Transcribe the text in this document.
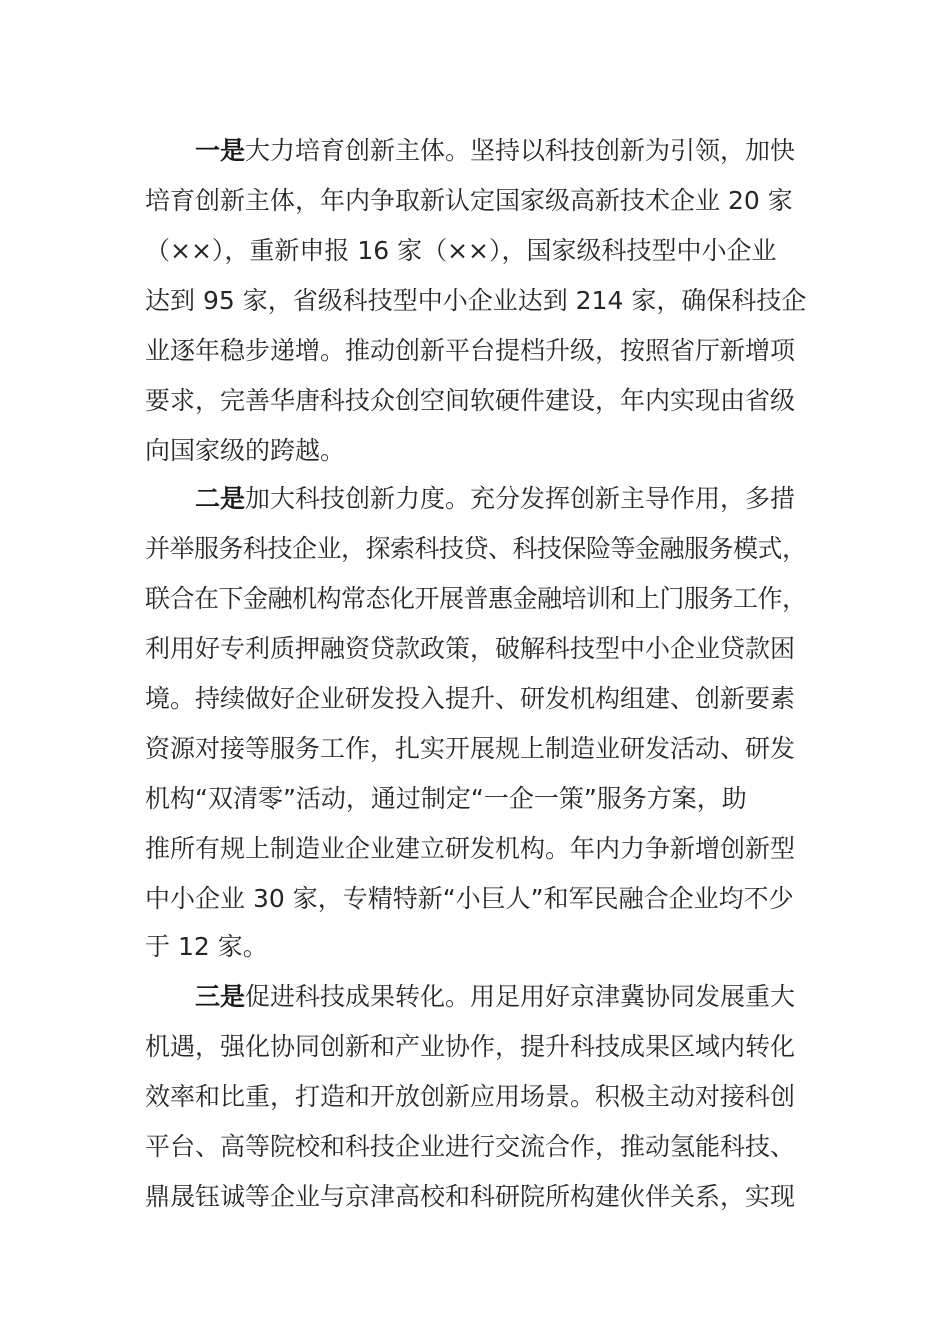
一是大力培育创新主体。坚持以科技创新为引领，加快
培育创新主体，年内争取新认定国家级高新技术企业 20 家
（××），重新申报 16 家（××），国家级科技型中小企业
达到 95 家，省级科技型中小企业达到 214 家，确保科技企
业逐年稳步递增。推动创新平台提档升级，按照省厅新增项
要求，完善华唐科技众创空间软硬件建设，年内实现由省级
向国家级的跨越。
二是加大科技创新力度。充分发挥创新主导作用，多措
并举服务科技企业，探索科技贷、科技保险等金融服务模式，
联合在下金融机构常态化开展普惠金融培训和上门服务工作，
利用好专利质押融资贷款政策，破解科技型中小企业贷款困
境。持续做好企业研发投入提升、研发机构组建、创新要素
资源对接等服务工作，扎实开展规上制造业研发活动、研发
机构“双清零”活动，通过制定“一企一策”服务方案，助
推所有规上制造业企业建立研发机构。年内力争新增创新型
中小企业 30 家，专精特新“小巨人”和军民融合企业均不少
于 12 家。
三是促进科技成果转化。用足用好京津冀协同发展重大
机遇，强化协同创新和产业协作，提升科技成果区域内转化
效率和比重，打造和开放创新应用场景。积极主动对接科创
平台、高等院校和科技企业进行交流合作，推动氢能科技、
鼎晟钰诚等企业与京津高校和科研院所构建伙伴关系，实现
